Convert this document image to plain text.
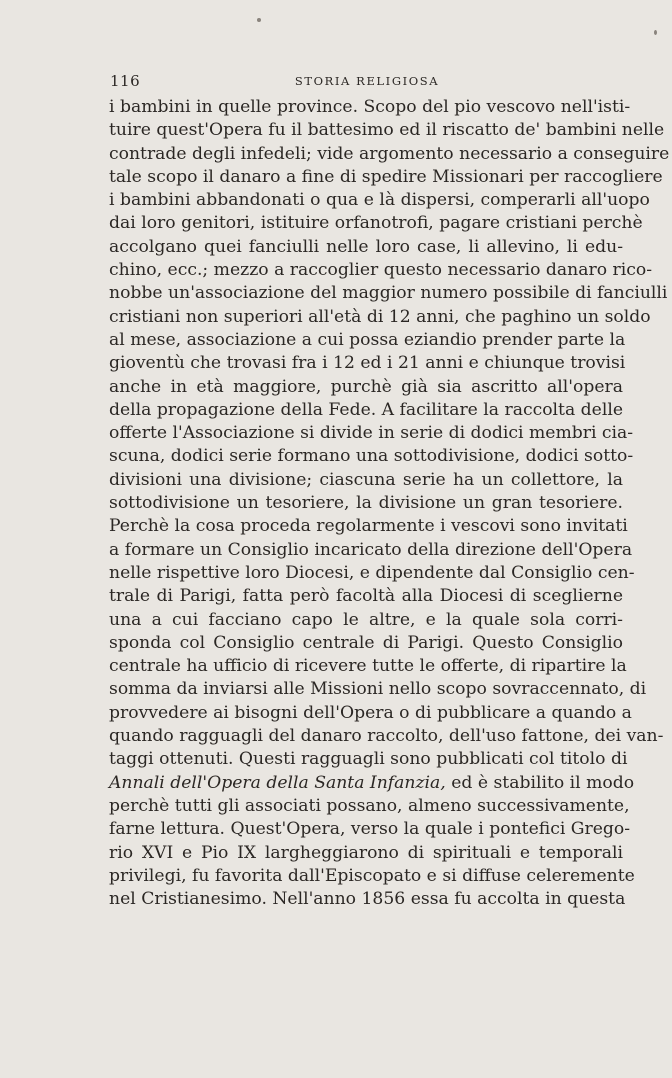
116	STORIA RELIGIOSA
i bambini in quelle province. Scopo del pio vescovo nell'isti-
tuire quest'Opera fu il battesimo ed il riscatto de' bambini nelle
contrade degli infedeli; vide argomento necessario a conseguire
tale scopo il danaro a fine di spedire Missionari per raccogliere
i bambini abbandonati o qua e là dispersi, comperarli all'uopo
dai loro genitori, istituire orfanotrofi, pagare cristiani perchè
accolgano quei fanciulli nelle loro case, li allevino, li edu-
chino, ecc.; mezzo a raccoglier questo necessario danaro rico-
nobbe un'associazione del maggior numero possibile di fanciulli
cristiani non superiori all'età di 12 anni, che paghino un soldo
al mese, associazione a cui possa eziandio prender parte la
gioventù che trovasi fra i 12 ed i 21 anni e chiunque trovisi
anche in età maggiore, purchè già sia ascritto all'opera
della propagazione della Fede. A facilitare la raccolta delle
offerte l'Associazione si divide in serie di dodici membri cia-
scuna, dodici serie formano una sottodivisione, dodici sotto-
divisioni una divisione; ciascuna serie ha un collettore, la
sottodivisione un tesoriere, la divisione un gran tesoriere.
Perchè la cosa proceda regolarmente i vescovi sono invitati
a formare un Consiglio incaricato della direzione dell'Opera
nelle rispettive loro Diocesi, e dipendente dal Consiglio cen-
trale di Parigi, fatta però facoltà alla Diocesi di sceglierne
una a cui facciano capo le altre, e la quale sola corri-
sponda col Consiglio centrale di Parigi. Questo Consiglio
centrale ha ufficio di ricevere tutte le offerte, di ripartire la
somma da inviarsi alle Missioni nello scopo sovraccennato, di
provvedere ai bisogni dell'Opera o di pubblicare a quando a
quando ragguagli del danaro raccolto, dell'uso fattone, dei van-
taggi ottenuti. Questi ragguagli sono pubblicati col titolo di
Annali dell'Opera della Santa Infanzia, ed è stabilito il modo
perchè tutti gli associati possano, almeno successivamente,
farne lettura. Quest'Opera, verso la quale i pontefici Grego-
rio XVI e Pio IX largheggiarono di spirituali e temporali
privilegi, fu favorita dall'Episcopato e si diffuse celeremente
nel Cristianesimo. Nell'anno 1856 essa fu accolta in questa
